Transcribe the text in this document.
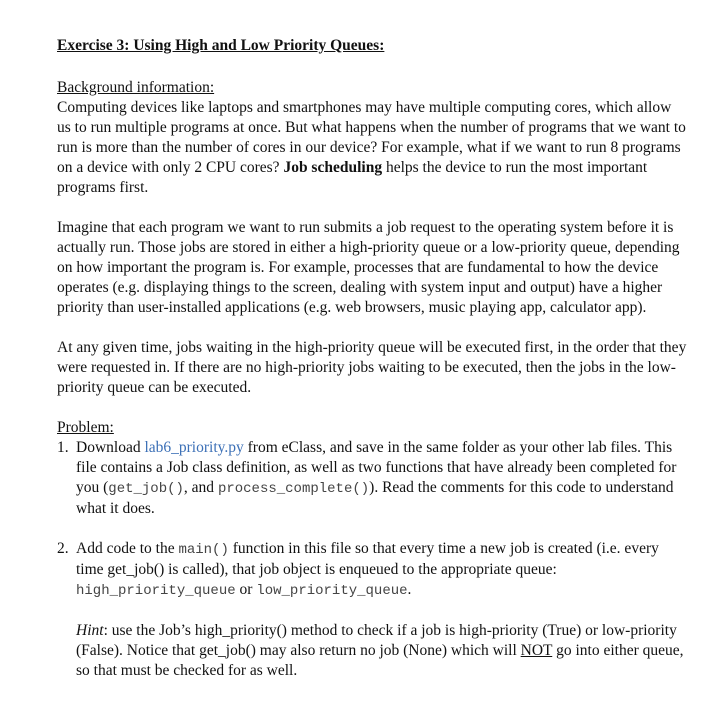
Exercise 3: Using High and Low Priority Queues:

Background information:

Computing devices like laptops and smartphones may have multiple computing cores, which allow us to run multiple programs at once. But what happens when the number of programs that we want to run is more than the number of cores in our device? For example, what if we want to run 8 programs on a device with only 2 CPU cores? Job scheduling helps the device to run the most important programs first.

Imagine that each program we want to run submits a job request to the operating system before it is actually run. Those jobs are stored in either a high-priority queue or a low-priority queue, depending on how important the program is. For example, processes that are fundamental to how the device operates (e.g. displaying things to the screen, dealing with system input and output) have a higher priority than user-installed applications (e.g. web browsers, music playing app, calculator app).

At any given time, jobs waiting in the high-priority queue will be executed first, in the order that they were requested in. If there are no high-priority jobs waiting to be executed, then the jobs in the low-priority queue can be executed.

Problem:

1. Download lab6_priority.py from eClass, and save in the same folder as your other lab files. This file contains a Job class definition, as well as two functions that have already been completed for you (get_job(), and process_complete()). Read the comments for this code to understand what it does.
2. Add code to the main() function in this file so that every time a new job is created (i.e. every time get_job() is called), that job object is enqueued to the appropriate queue:
high_priority_queue or low_priority_queue.

Hint: use the Job’s high_priority() method to check if a job is high-priority (True) or low-priority (False). Notice that get_job() may also return no job (None) which will NOT go into either queue, so that must be checked for as well.
